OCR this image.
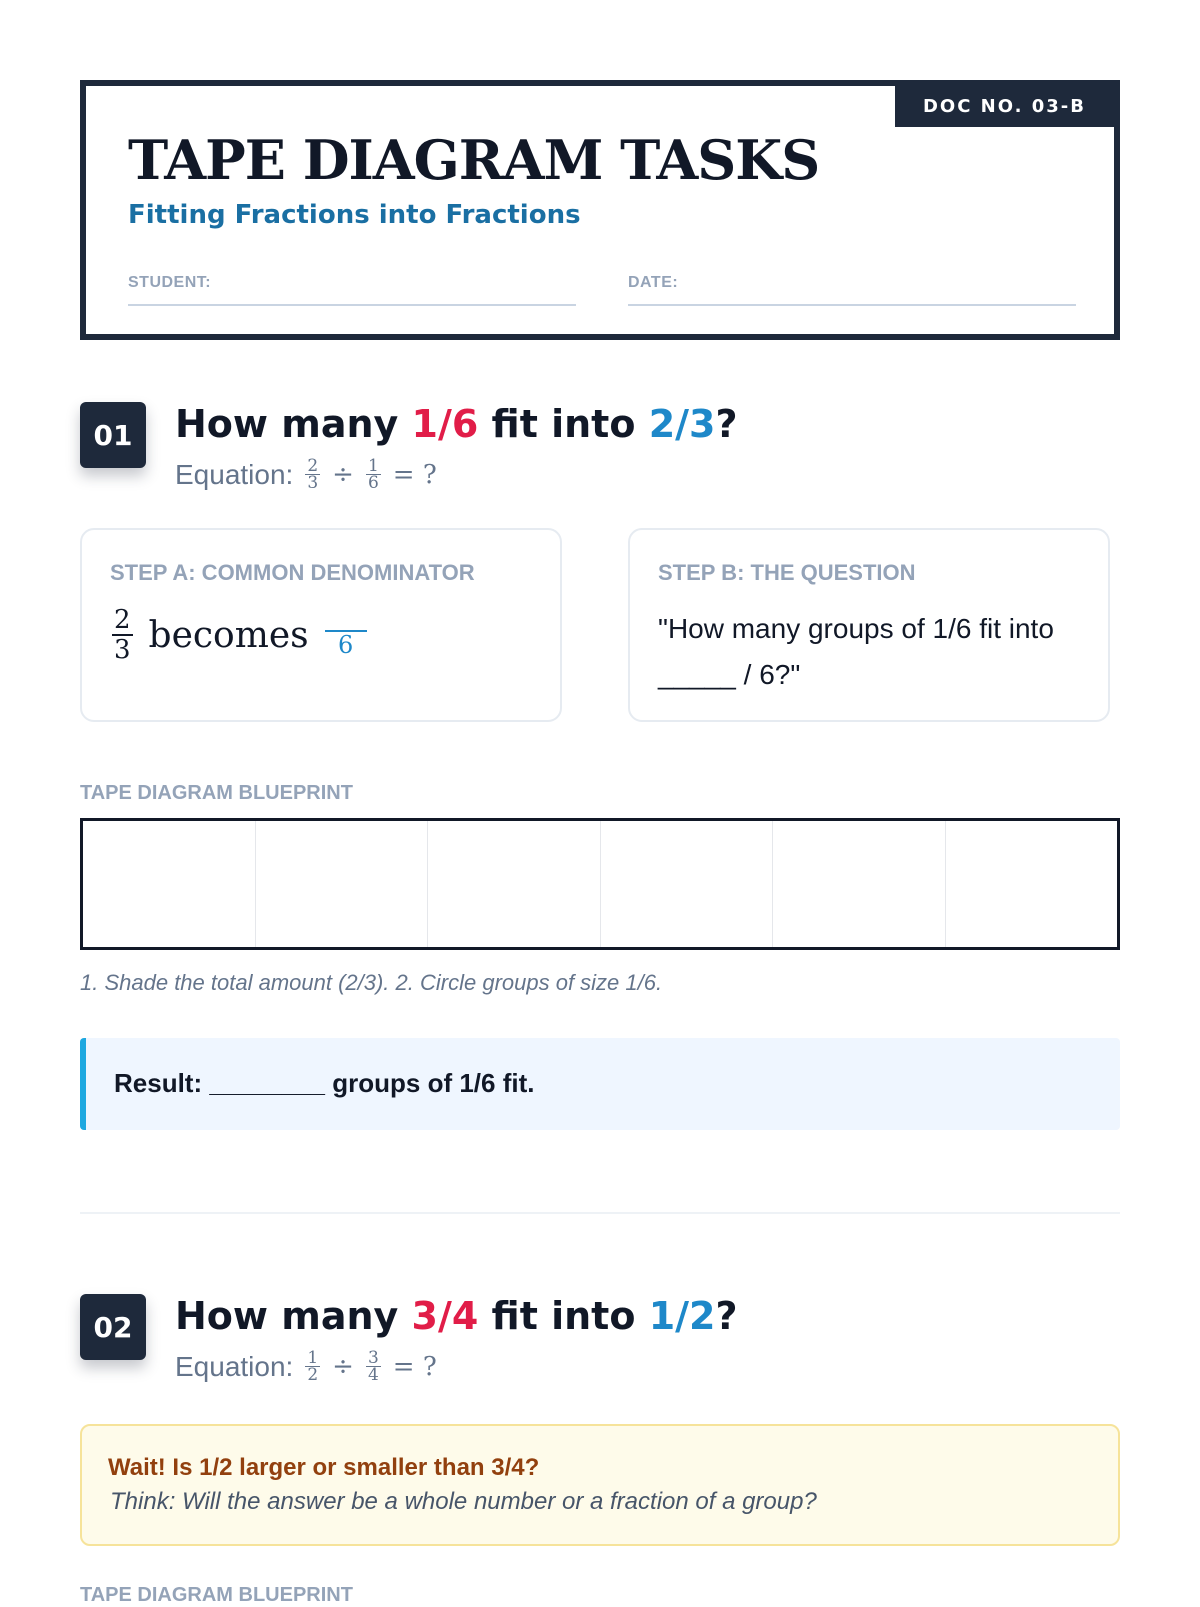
DOC NO. 03-B
TAPE DIAGRAM TASKS
Fitting Fractions into Fractions
STUDENT:	DATE:
01	How many 1/6 fit into 2/3?
Equation: $\frac{2}{3} \div \frac{1}{6}$ = ?
STEP A: COMMON DENOMINATOR
$\frac{2}{3}$ becomes 6
STEP B: THE QUESTION
"How many groups of 1/6 fit into _____ / 6?"
TAPE DIAGRAM BLUEPRINT
1. Shade the total amount (2/3). 2. Circle groups of size 1/6.
Result: ________ groups of 1/6 fit.
02	How many 3/4 fit into 1/2?
Equation: $\frac{1}{2} \div \frac{3}{4}$ = ?
Wait! Is 1/2 larger or smaller than 3/4?
Think: Will the answer be a whole number or a fraction of a group?
TAPE DIAGRAM BLUEPRINT
